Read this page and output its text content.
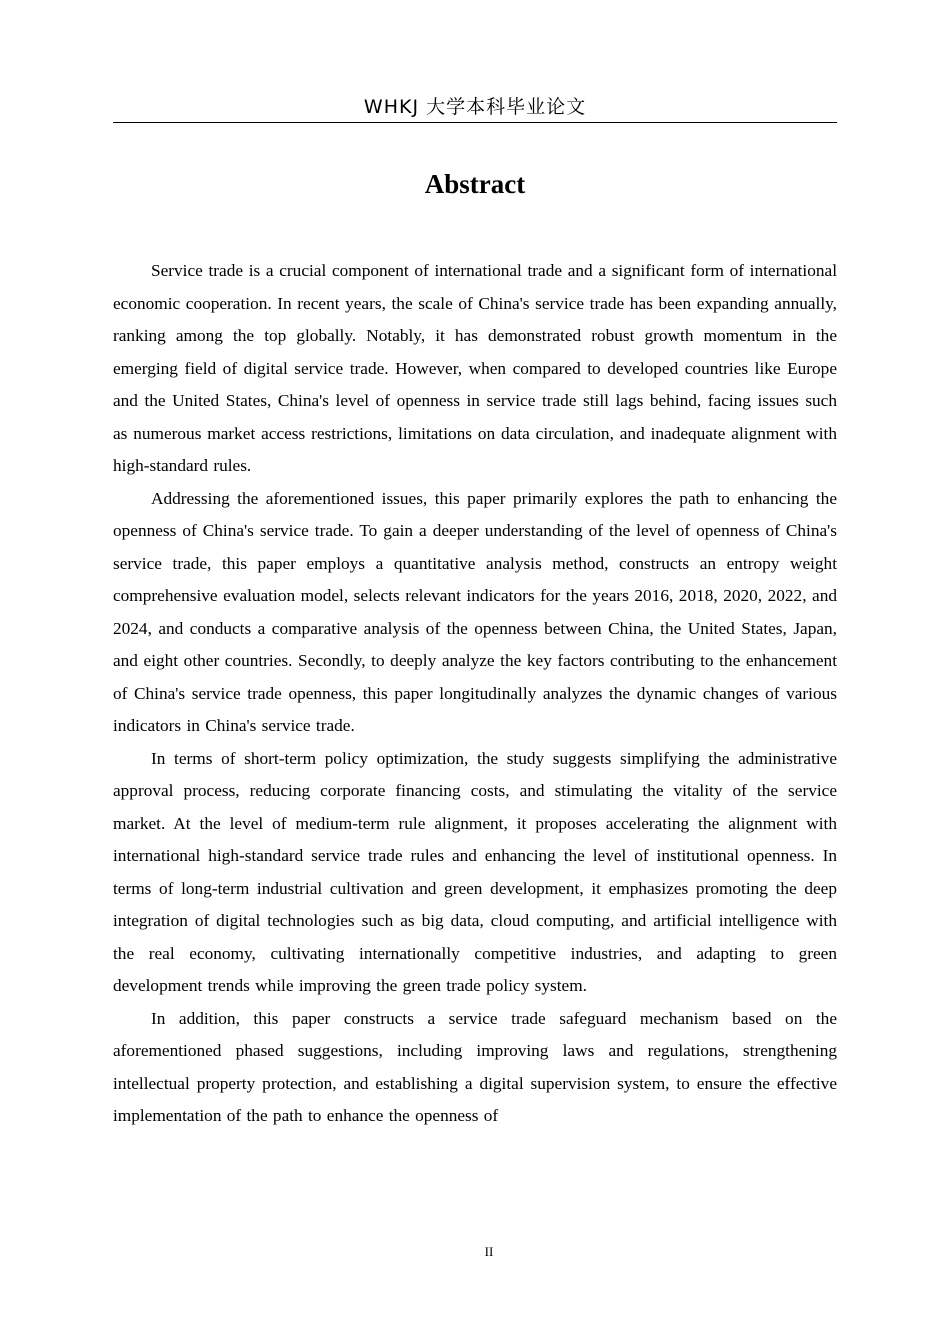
WHKJ 大学本科毕业论文
Abstract

Service trade is a crucial component of international trade and a significant form of international economic cooperation. In recent years, the scale of China's service trade has been expanding annually, ranking among the top globally. Notably, it has demonstrated robust growth momentum in the emerging field of digital service trade. However, when compared to developed countries like Europe and the United States, China's level of openness in service trade still lags behind, facing issues such as numerous market access restrictions, limitations on data circulation, and inadequate alignment with high-standard rules.

Addressing the aforementioned issues, this paper primarily explores the path to enhancing the openness of China's service trade. To gain a deeper understanding of the level of openness of China's service trade, this paper employs a quantitative analysis method, constructs an entropy weight comprehensive evaluation model, selects relevant indicators for the years 2016, 2018, 2020, 2022, and 2024, and conducts a comparative analysis of the openness between China, the United States, Japan, and eight other countries. Secondly, to deeply analyze the key factors contributing to the enhancement of China's service trade openness, this paper longitudinally analyzes the dynamic changes of various indicators in China's service trade.

In terms of short-term policy optimization, the study suggests simplifying the administrative approval process, reducing corporate financing costs, and stimulating the vitality of the service market. At the level of medium-term rule alignment, it proposes accelerating the alignment with international high-standard service trade rules and enhancing the level of institutional openness. In terms of long-term industrial cultivation and green development, it emphasizes promoting the deep integration of digital technologies such as big data, cloud computing, and artificial intelligence with the real economy, cultivating internationally competitive industries, and adapting to green development trends while improving the green trade policy system.

In addition, this paper constructs a service trade safeguard mechanism based on the aforementioned phased suggestions, including improving laws and regulations, strengthening intellectual property protection, and establishing a digital supervision system, to ensure the effective implementation of the path to enhance the openness of

II
